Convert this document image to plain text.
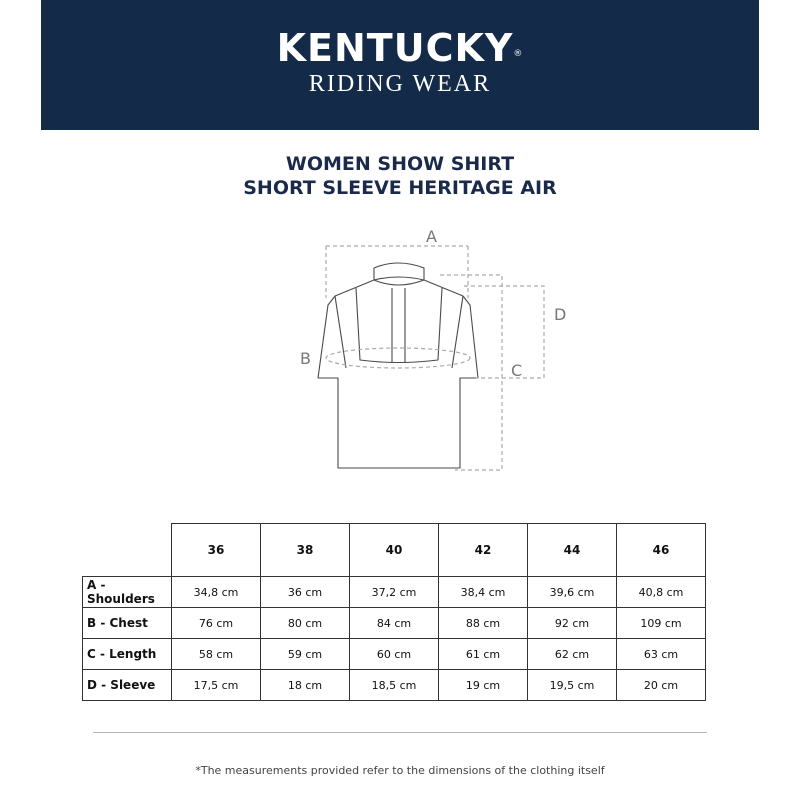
KENTUCKY®
RIDING WEAR
WOMEN SHOW SHIRT
SHORT SLEEVE HERITAGE AIR
A
B
C
D
	36	38	40	42	44	46
A -Shoulders	34,8 cm	36 cm	37,2 cm	38,4 cm	39,6 cm	40,8 cm
B - Chest	76 cm	80 cm	84 cm	88 cm	92 cm	109 cm
C - Length	58 cm	59 cm	60 cm	61 cm	62 cm	63 cm
D - Sleeve	17,5 cm	18 cm	18,5 cm	19 cm	19,5 cm	20 cm
*The measurements provided refer to the dimensions of the clothing itself
